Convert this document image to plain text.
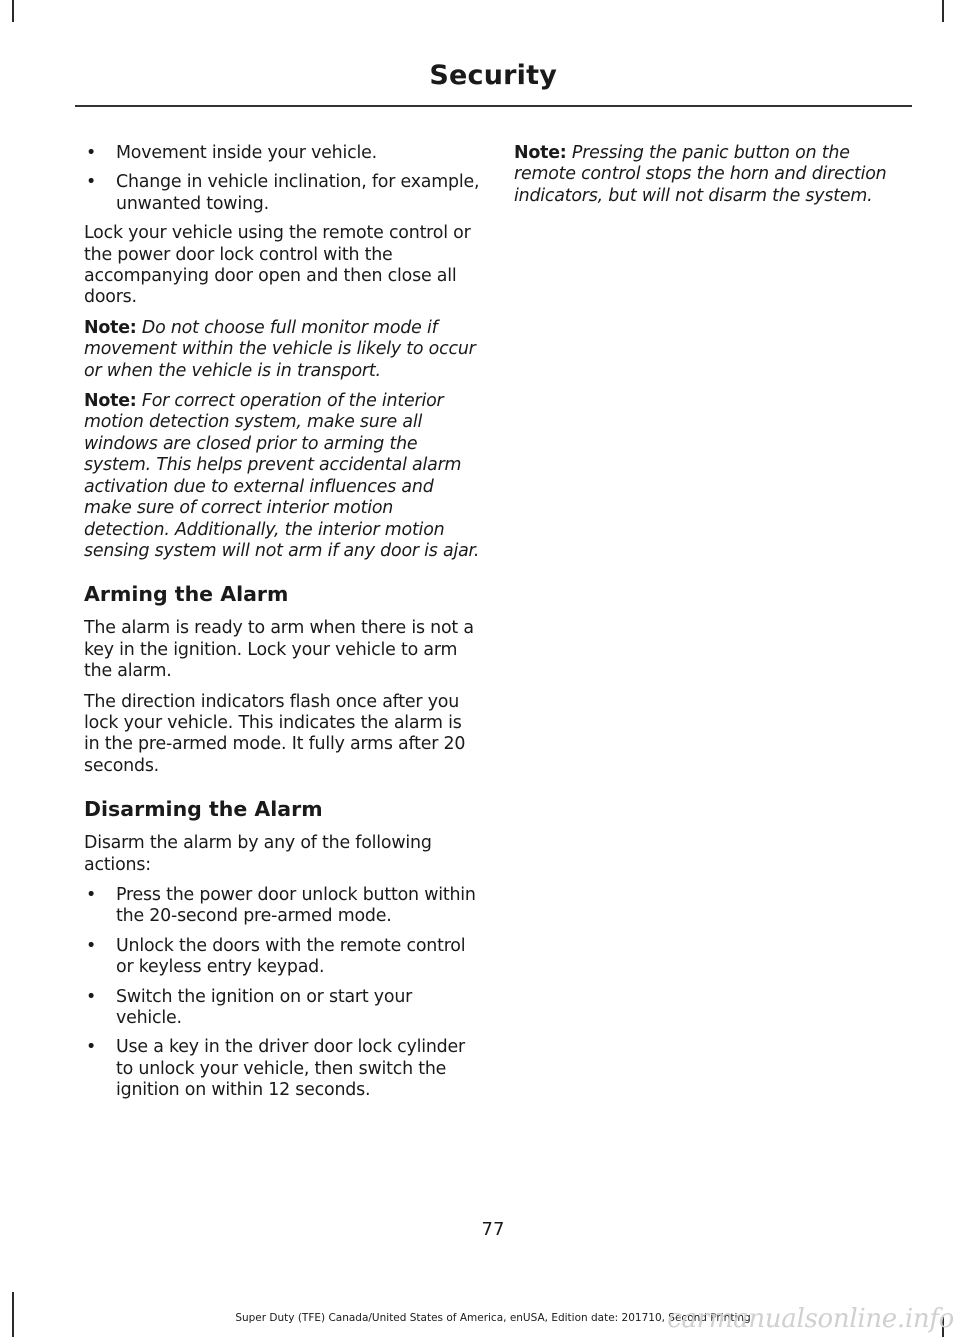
Security
• Movement inside your vehicle.
• Change in vehicle inclination, for example, unwanted towing.

Lock your vehicle using the remote control or the power door lock control with the accompanying door open and then close all doors.

Note: Do not choose full monitor mode if movement within the vehicle is likely to occur or when the vehicle is in transport.

Note: For correct operation of the interior motion detection system, make sure all windows are closed prior to arming the system. This helps prevent accidental alarm activation due to external influences and make sure of correct interior motion detection. Additionally, the interior motion sensing system will not arm if any door is ajar.

Arming the Alarm

The alarm is ready to arm when there is not a key in the ignition. Lock your vehicle to arm the alarm.

The direction indicators flash once after you lock your vehicle. This indicates the alarm is in the pre-armed mode. It fully arms after 20 seconds.

Disarming the Alarm

Disarm the alarm by any of the following actions:

• Press the power door unlock button within the 20-second pre-armed mode.
• Unlock the doors with the remote control or keyless entry keypad.
• Switch the ignition on or start your vehicle.
• Use a key in the driver door lock cylinder to unlock your vehicle, then switch the ignition on within 12 seconds.

Note: Pressing the panic button on the remote control stops the horn and direction indicators, but will not disarm the system.

77
Super Duty (TFE) Canada/United States of America, enUSA, Edition date: 201710, Second Printing
carmanualsonline.info
